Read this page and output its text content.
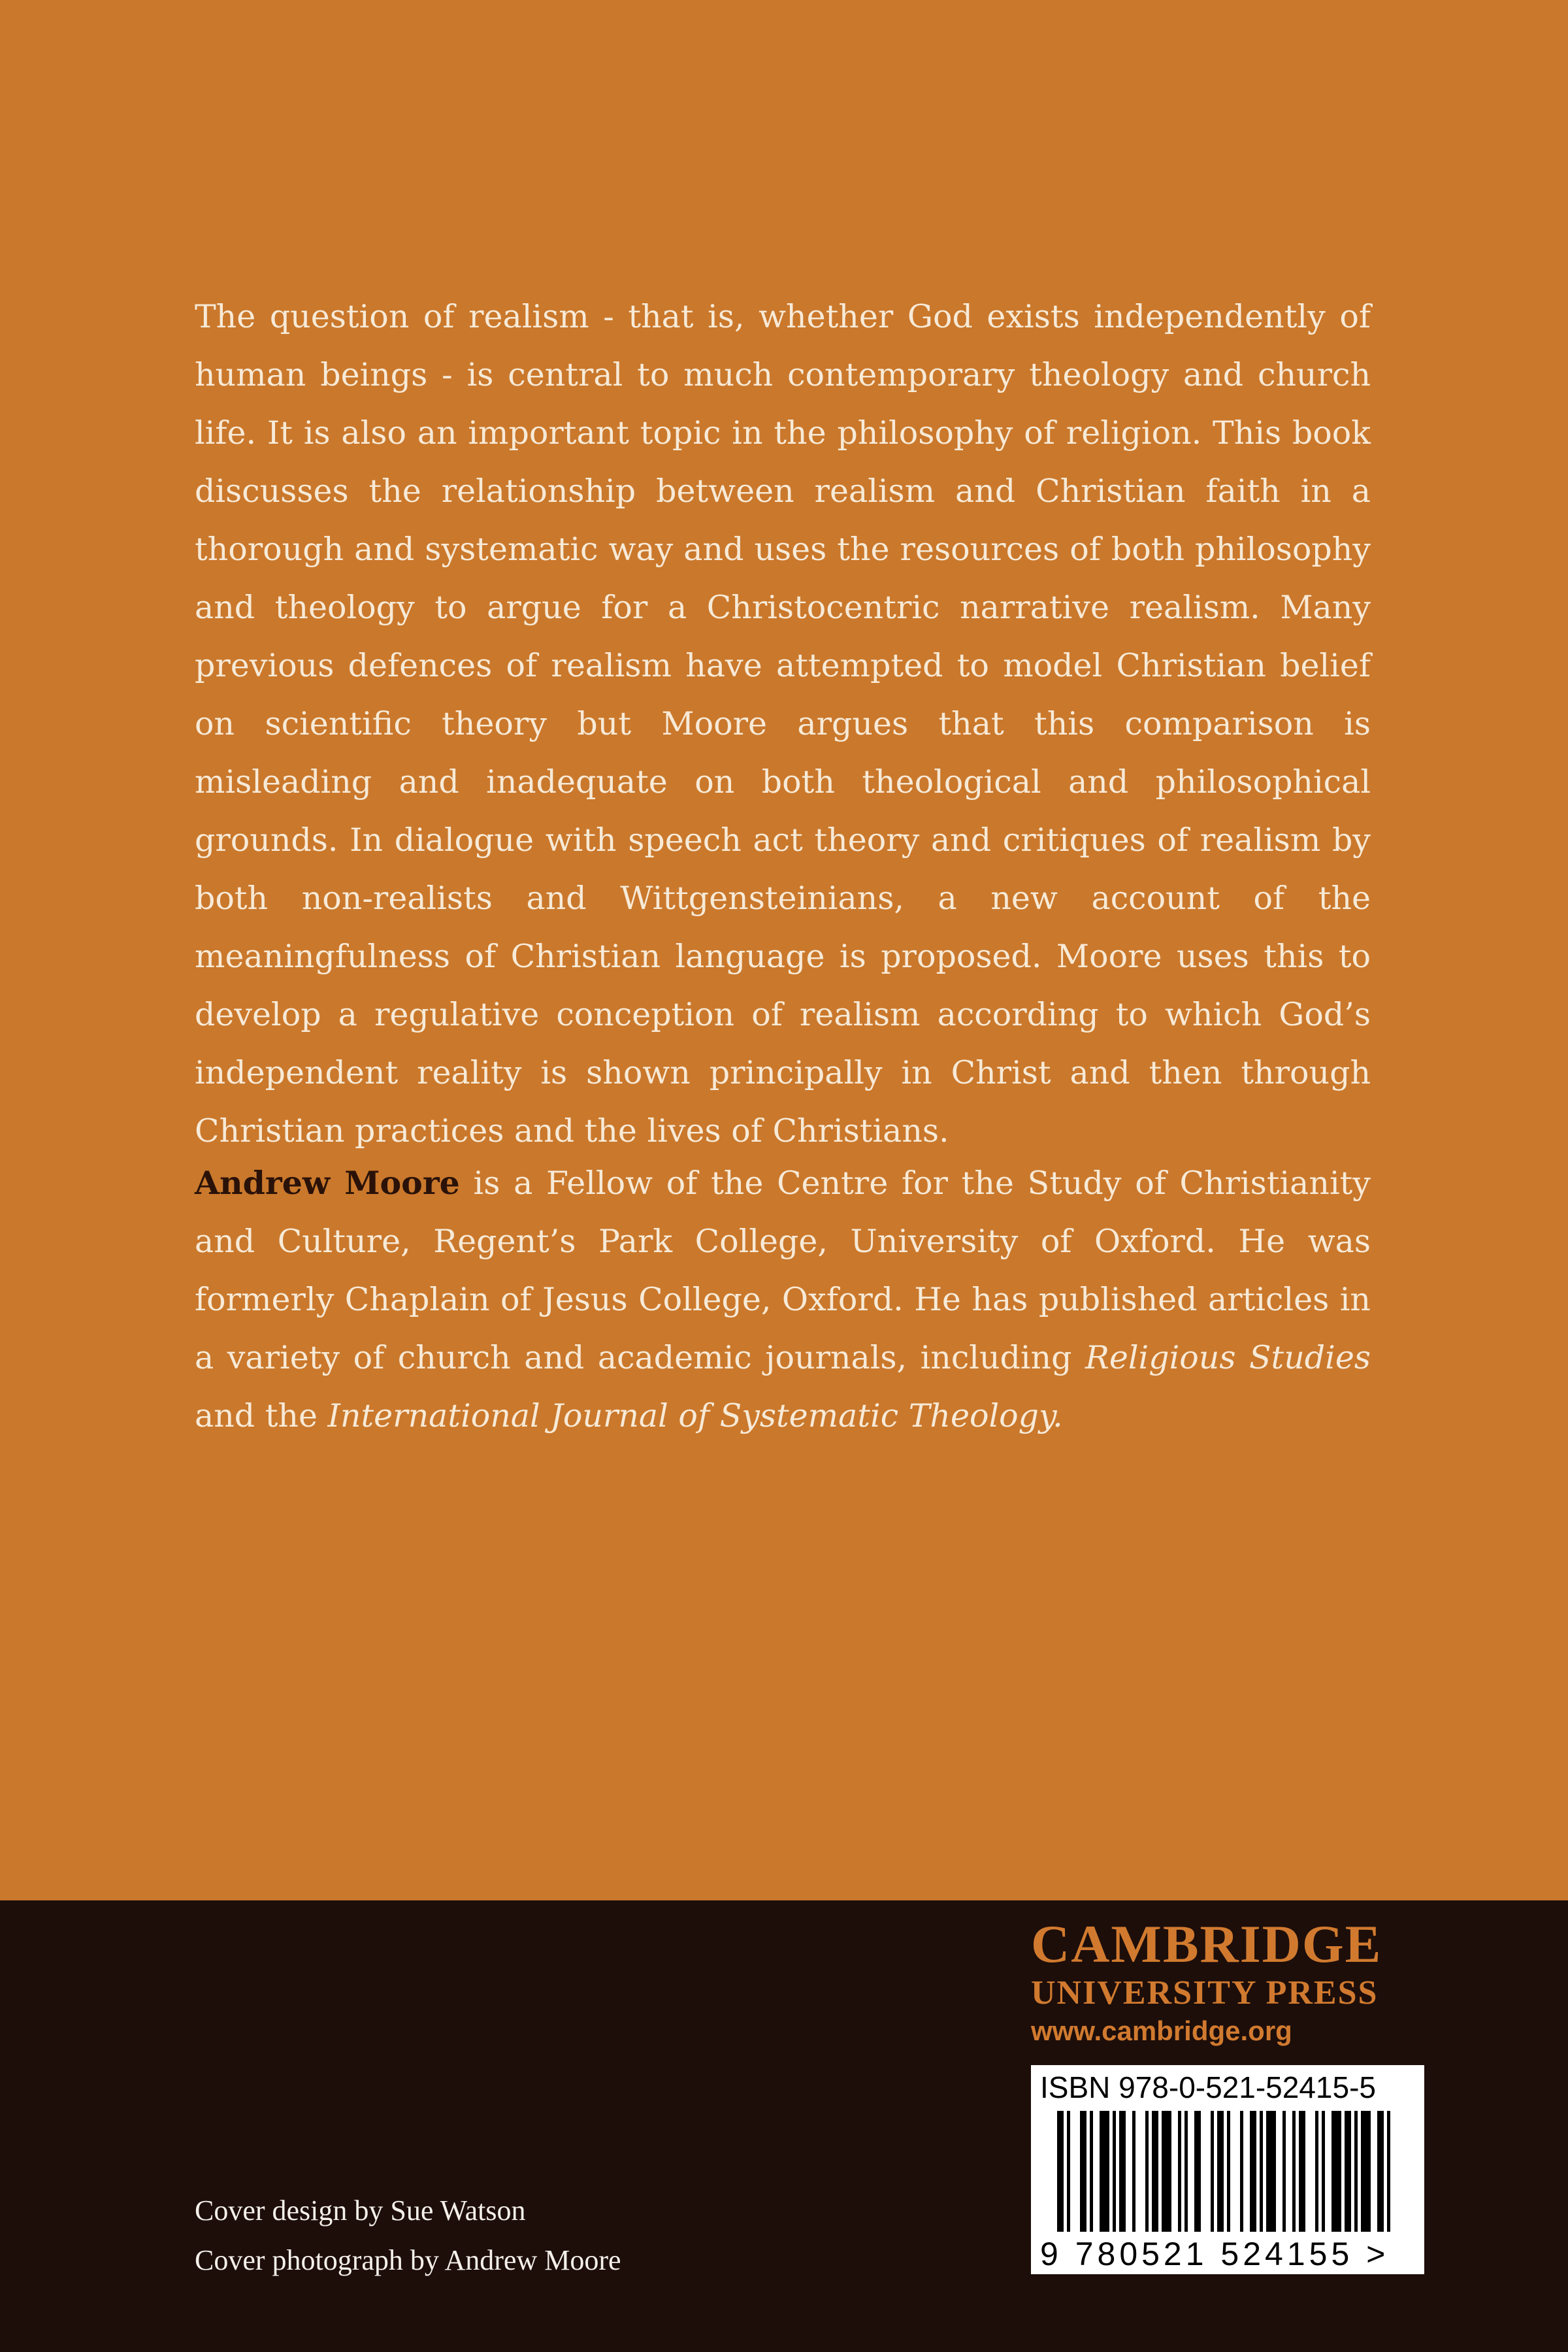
The question of realism - that is, whether God exists independently of human beings - is central to much contemporary theology and church life. It is also an important topic in the philosophy of religion. This book discusses the relationship between realism and Christian faith in a thorough and systematic way and uses the resources of both philosophy and theology to argue for a Christocentric narrative realism. Many previous defences of realism have attempted to model Christian belief on scientific theory but Moore argues that this comparison is misleading and inadequate on both theological and philosophical grounds. In dialogue with speech act theory and critiques of realism by both non-realists and Wittgensteinians, a new account of the meaningfulness of Christian language is proposed. Moore uses this to develop a regulative conception of realism according to which God’s independent reality is shown principally in Christ and then through Christian practices and the lives of Christians.

Andrew Moore is a Fellow of the Centre for the Study of Christianity and Culture, Regent’s Park College, University of Oxford. He was formerly Chaplain of Jesus College, Oxford. He has published articles in a variety of church and academic journals, including Religious Studies and the International Journal of Systematic Theology.

Cover design by Sue Watson
Cover photograph by Andrew Moore
CAMBRIDGE
UNIVERSITY PRESS
www.cambridge.org
ISBN 978-0-521-52415-5
9 780521 524155 >
